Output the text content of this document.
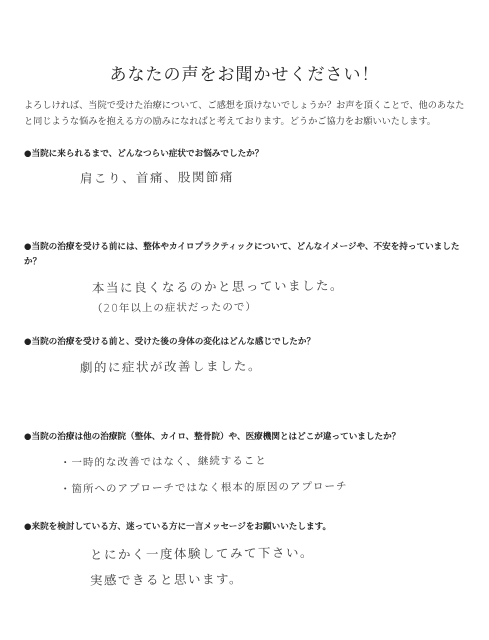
あなたの声をお聞かせください！
よろしければ、当院で受けた治療について、ご感想を頂けないでしょうか？お声を頂くことで、他のあなたと同じような悩みを抱える方の励みになればと考えております。どうかご協力をお願いいたします。
●当院に来られるまで、どんなつらい症状でお悩みでしたか？
肩こり、首痛、股関節痛
●当院の治療を受ける前には、整体やカイロプラクティックについて、どんなイメージや、不安を持っていましたか？
本当に良くなるのかと思っていました。
（20年以上の症状だったので）
●当院の治療を受ける前と、受けた後の身体の変化はどんな感じでしたか？
劇的に症状が改善しました。
●当院の治療は他の治療院（整体、カイロ、整骨院）や、医療機関とはどこが違っていましたか？
・一時的な改善ではなく、継続すること
・箇所へのアプローチではなく根本的原因のアプローチ
●来院を検討している方、迷っている方に一言メッセージをお願いいたします。
とにかく一度体験してみて下さい。
実感できると思います。
